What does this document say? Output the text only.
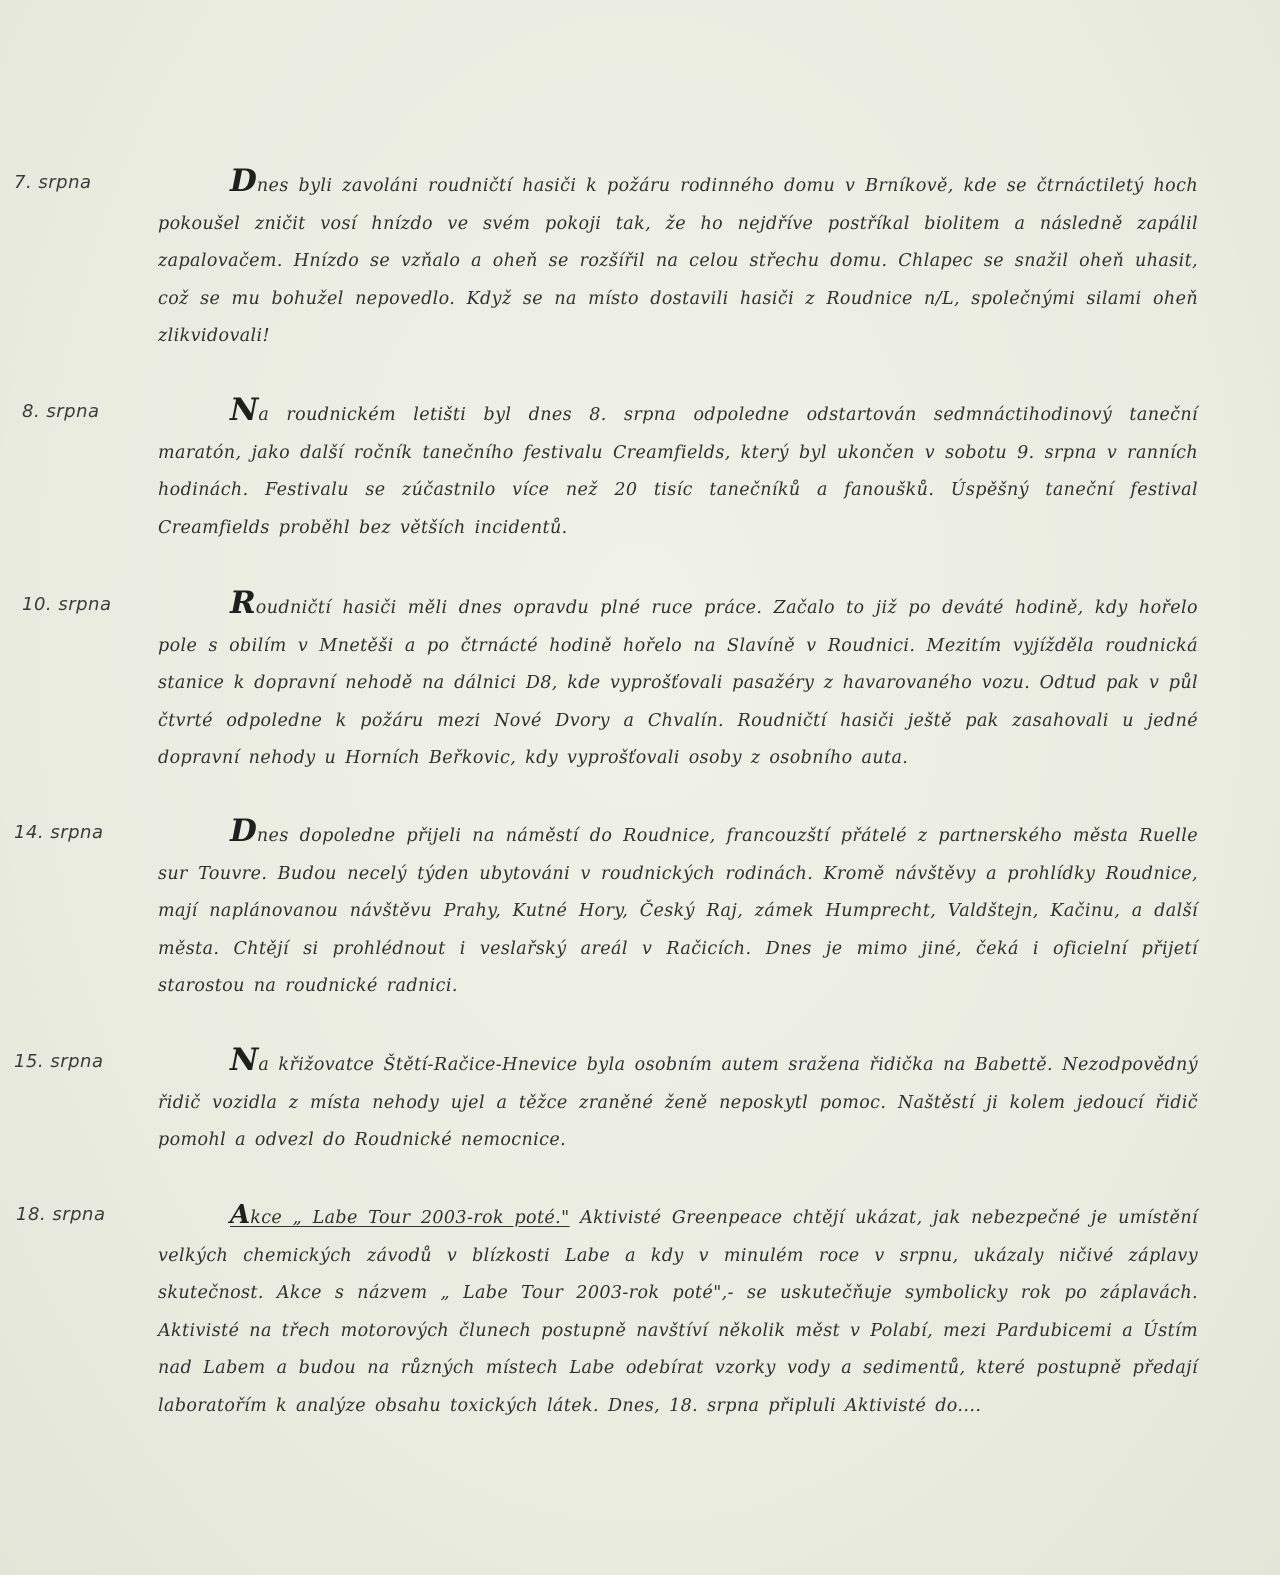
7. srpna	Dnes byli zavoláni roudničtí hasiči k požáru rodinného domu v Brníkově, kde se čtrnáctiletý hoch pokoušel zničit vosí hnízdo ve svém pokoji tak, že ho nejdříve postříkal biolitem a následně zapálil zapalovačem. Hnízdo se vzňalo a oheň se rozšířil na celou střechu domu. Chlapec se snažil oheň uhasit, což se mu bohužel nepovedlo. Když se na místo dostavili hasiči z Roudnice n/L, společnými silami oheň zlikvidovali!
8. srpna	Na roudnickém letišti byl dnes 8. srpna odpoledne odstartován sedmnáctihodinový taneční maratón, jako další ročník tanečního festivalu Creamfields, který byl ukončen v sobotu 9. srpna v ranních hodinách. Festivalu se zúčastnilo více než 20 tisíc tanečníků a fanoušků. Úspěšný taneční festival Creamfields proběhl bez větších incidentů.
10. srpna	Roudničtí hasiči měli dnes opravdu plné ruce práce. Začalo to již po deváté hodině, kdy hořelo pole s obilím v Mnetěši a po čtrnácté hodině hořelo na Slavíně v Roudnici. Mezitím vyjížděla roudnická stanice k dopravní nehodě na dálnici D8, kde vyprošťovali pasažéry z havarovaného vozu. Odtud pak v půl čtvrté odpoledne k požáru mezi Nové Dvory a Chvalín. Roudničtí hasiči ještě pak zasahovali u jedné dopravní nehody u Horních Beřkovic, kdy vyprošťovali osoby z osobního auta.
14. srpna	Dnes dopoledne přijeli na náměstí do Roudnice, francouzští přátelé z partnerského města Ruelle sur Touvre. Budou necelý týden ubytováni v roudnických rodinách. Kromě návštěvy a prohlídky Roudnice, mají naplánovanou návštěvu Prahy, Kutné Hory, Český Raj, zámek Humprecht, Valdštejn, Kačinu, a další města. Chtějí si prohlédnout i veslařský areál v Račicích. Dnes je mimo jiné, čeká i oficielní přijetí starostou na roudnické radnici.
15. srpna	Na křižovatce Štětí-Račice-Hnevice byla osobním autem sražena řidička na Babettě. Nezodpovědný řidič vozidla z místa nehody ujel a těžce zraněné ženě neposkytl pomoc. Naštěstí ji kolem jedoucí řidič pomohl a odvezl do Roudnické nemocnice.
18. srpna	Akce „ Labe Tour 2003-rok poté." Aktivisté Greenpeace chtějí ukázat, jak nebezpečné je umístění velkých chemických závodů v blízkosti Labe a kdy v minulém roce v srpnu, ukázaly ničivé záplavy skutečnost. Akce s názvem „ Labe Tour 2003-rok poté",- se uskutečňuje symbolicky rok po záplavách. Aktivisté na třech motorových člunech postupně navštíví několik měst v Polabí, mezi Pardubicemi a Ústím nad Labem a budou na různých místech Labe odebírat vzorky vody a sedimentů, které postupně předají laboratořím k analýze obsahu toxických látek. Dnes, 18. srpna připluli Aktivisté do....
